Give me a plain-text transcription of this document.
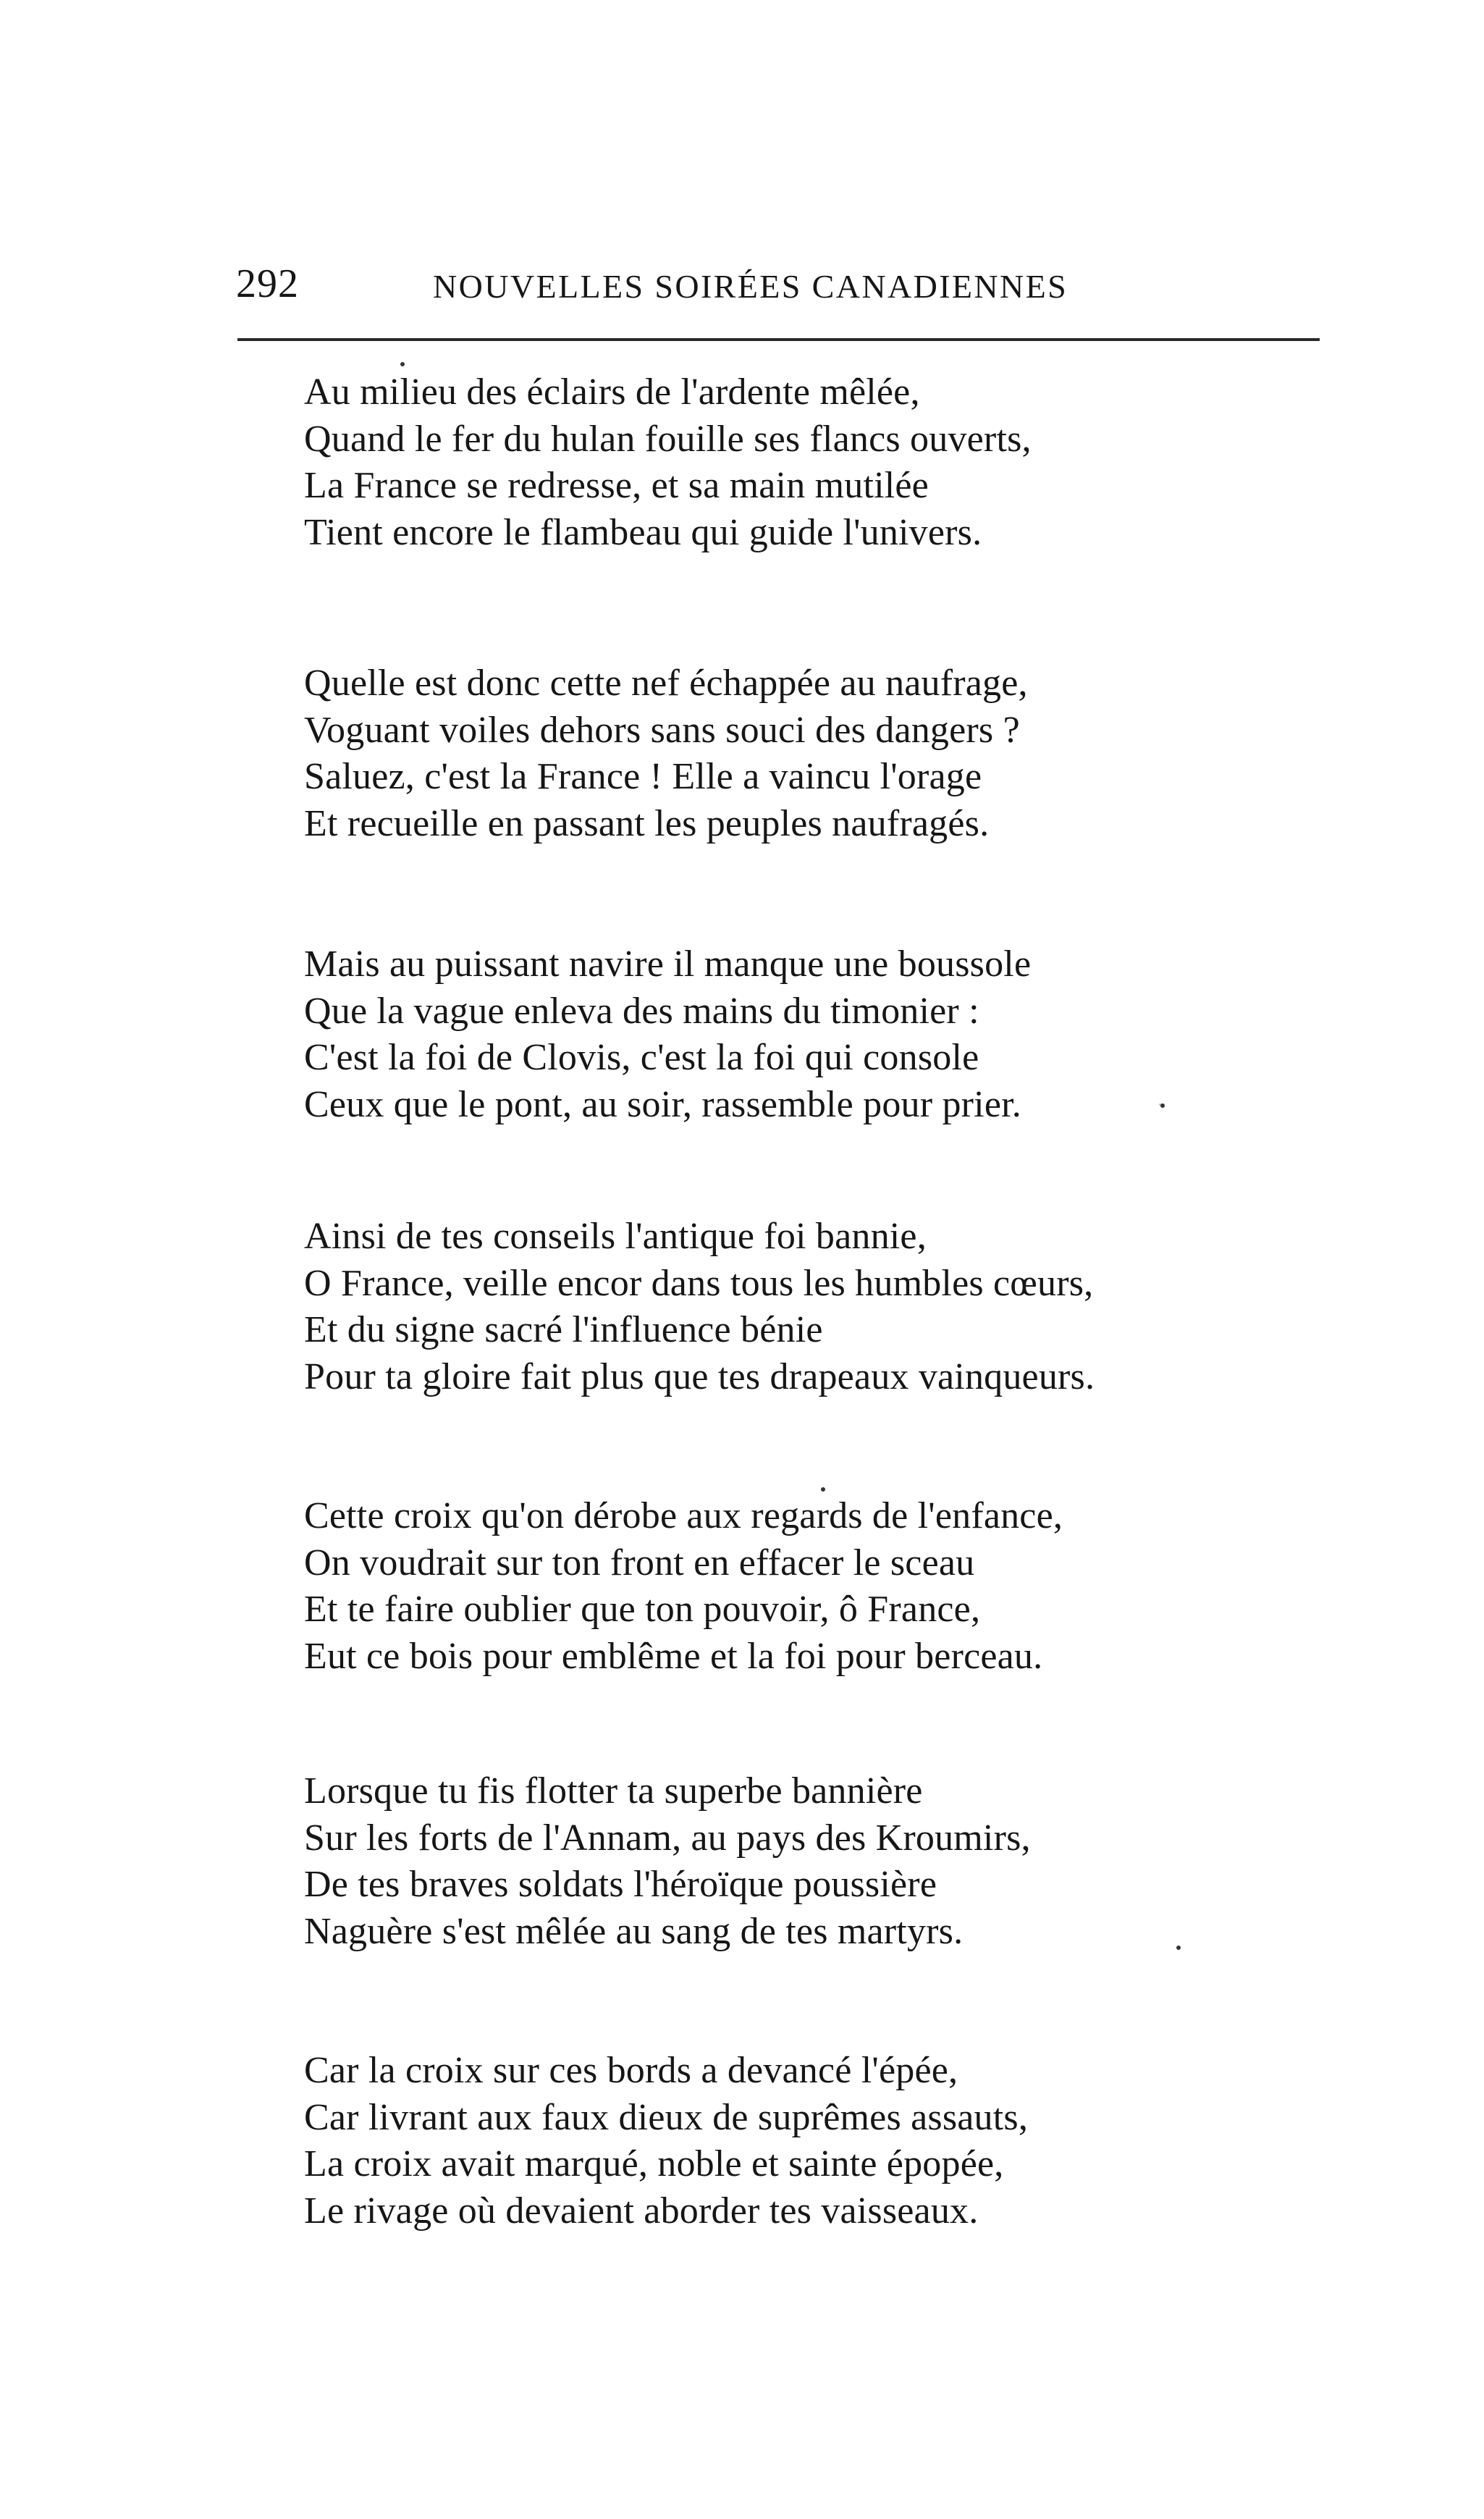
292	NOUVELLES SOIRÉES CANADIENNES
Au milieu des éclairs de l'ardente mêlée,
Quand le fer du hulan fouille ses flancs ouverts,
La France se redresse, et sa main mutilée
Tient encore le flambeau qui guide l'univers.
Quelle est donc cette nef échappée au naufrage,
Voguant voiles dehors sans souci des dangers ?
Saluez, c'est la France ! Elle a vaincu l'orage
Et recueille en passant les peuples naufragés.
Mais au puissant navire il manque une boussole
Que la vague enleva des mains du timonier :
C'est la foi de Clovis, c'est la foi qui console
Ceux que le pont, au soir, rassemble pour prier.
Ainsi de tes conseils l'antique foi bannie,
O France, veille encor dans tous les humbles cœurs,
Et du signe sacré l'influence bénie
Pour ta gloire fait plus que tes drapeaux vainqueurs.
Cette croix qu'on dérobe aux regards de l'enfance,
On voudrait sur ton front en effacer le sceau
Et te faire oublier que ton pouvoir, ô France,
Eut ce bois pour emblême et la foi pour berceau.
Lorsque tu fis flotter ta superbe bannière
Sur les forts de l'Annam, au pays des Kroumirs,
De tes braves soldats l'héroïque poussière
Naguère s'est mêlée au sang de tes martyrs.
Car la croix sur ces bords a devancé l'épée,
Car livrant aux faux dieux de suprêmes assauts,
La croix avait marqué, noble et sainte épopée,
Le rivage où devaient aborder tes vaisseaux.
